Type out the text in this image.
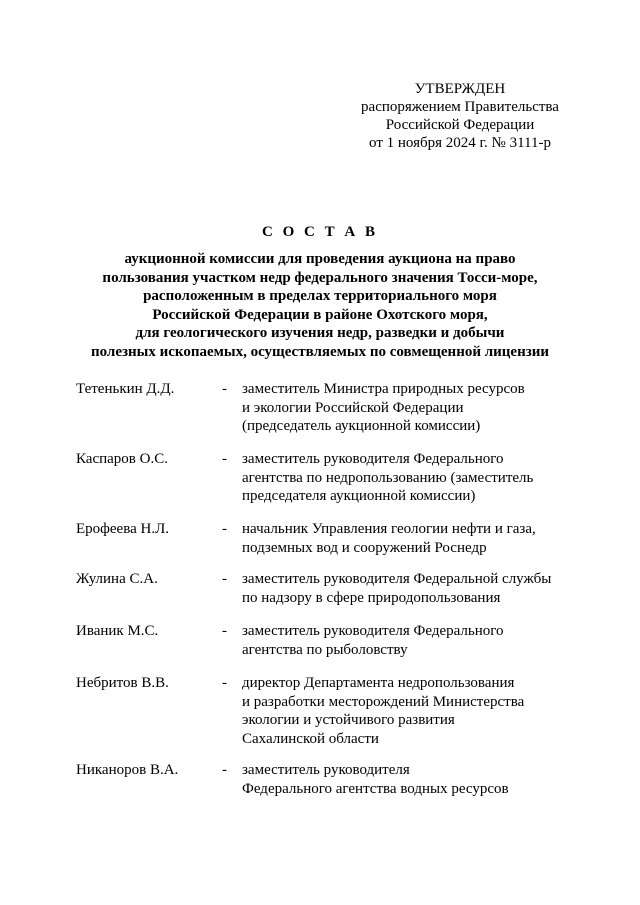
УТВЕРЖДЕН
распоряжением Правительства
Российской Федерации
от 1 ноября 2024 г. № 3111-р
С О С Т А В
аукционной комиссии для проведения аукциона на право
пользования участком недр федерального значения Тосси-море,
расположенным в пределах территориального моря
Российской Федерации в районе Охотского моря,
для геологического изучения недр, разведки и добычи
полезных ископаемых, осуществляемых по совмещенной лицензии
Тетенькин Д.Д.	- заместитель Министра природных ресурсов
и экологии Российской Федерации
(председатель аукционной комиссии)
Каспаров О.С.	- заместитель руководителя Федерального
агентства по недропользованию (заместитель
председателя аукционной комиссии)
Ерофеева Н.Л.	- начальник Управления геологии нефти и газа,
подземных вод и сооружений Роснедр
Жулина С.А.	- заместитель руководителя Федеральной службы
по надзору в сфере природопользования
Иваник М.С.	- заместитель руководителя Федерального
агентства по рыболовству
Небритов В.В.	- директор Департамента недропользования
и разработки месторождений Министерства
экологии и устойчивого развития
Сахалинской области
Никаноров В.А.	- заместитель руководителя
Федерального агентства водных ресурсов
